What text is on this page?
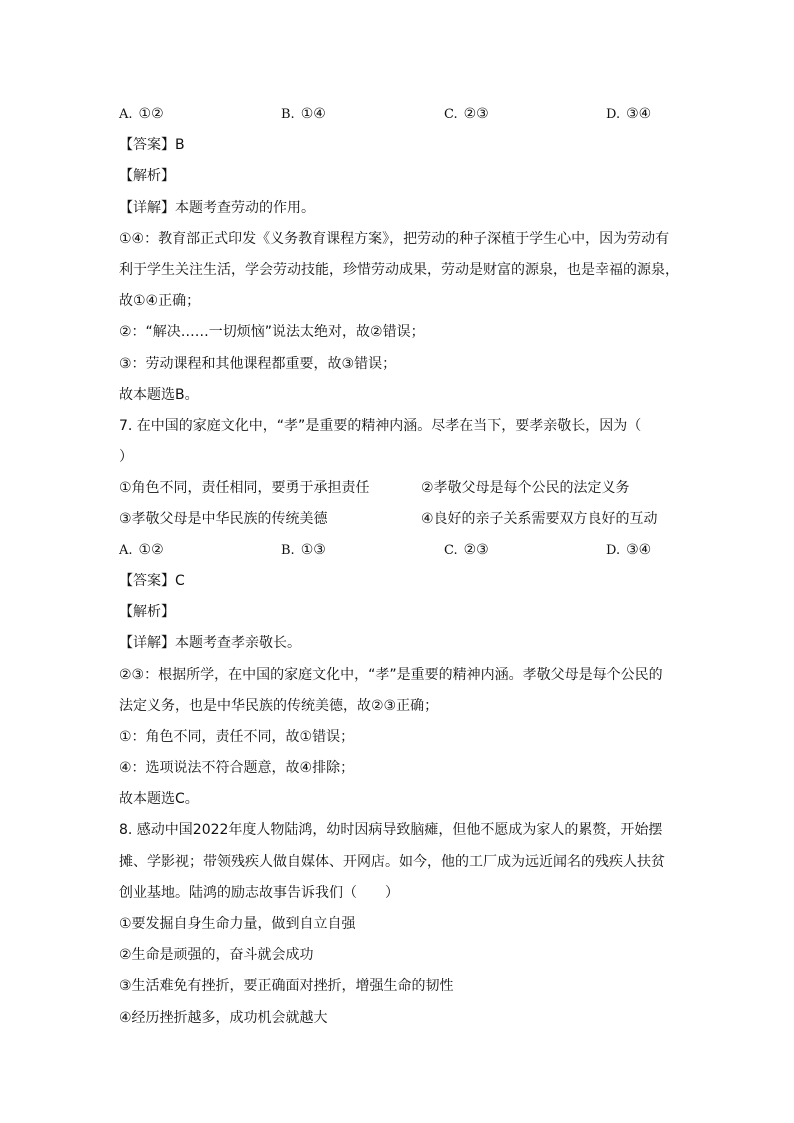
A. ①②	B. ①④	C. ②③	D. ③④
【答案】B
【解析】
【详解】本题考查劳动的作用。
①④：教育部正式印发《义务教育课程方案》，把劳动的种子深植于学生心中，因为劳动有
利于学生关注生活，学会劳动技能，珍惜劳动成果，劳动是财富的源泉，也是幸福的源泉，
故①④正确；
②：“解决……一切烦恼”说法太绝对，故②错误；
③：劳动课程和其他课程都重要，故③错误；
故本题选B。
7. 在中国的家庭文化中，“孝”是重要的精神内涵。尽孝在当下，要孝亲敬长，因为（
）
①角色不同，责任相同，要勇于承担责任	②孝敬父母是每个公民的法定义务
③孝敬父母是中华民族的传统美德	④良好的亲子关系需要双方良好的互动
A. ①②	B. ①③	C. ②③	D. ③④
【答案】C
【解析】
【详解】本题考查孝亲敬长。
②③：根据所学，在中国的家庭文化中，“孝”是重要的精神内涵。孝敬父母是每个公民的
法定义务，也是中华民族的传统美德，故②③正确；
①：角色不同，责任不同，故①错误；
④：选项说法不符合题意，故④排除；
故本题选C。
8. 感动中国2022年度人物陆鸿，幼时因病导致脑瘫，但他不愿成为家人的累赘，开始摆
摊、学影视；带领残疾人做自媒体、开网店。如今，他的工厂成为远近闻名的残疾人扶贫
创业基地。陆鸿的励志故事告诉我们（　　）
①要发掘自身生命力量，做到自立自强
②生命是顽强的，奋斗就会成功
③生活难免有挫折，要正确面对挫折，增强生命的韧性
④经历挫折越多，成功机会就越大
